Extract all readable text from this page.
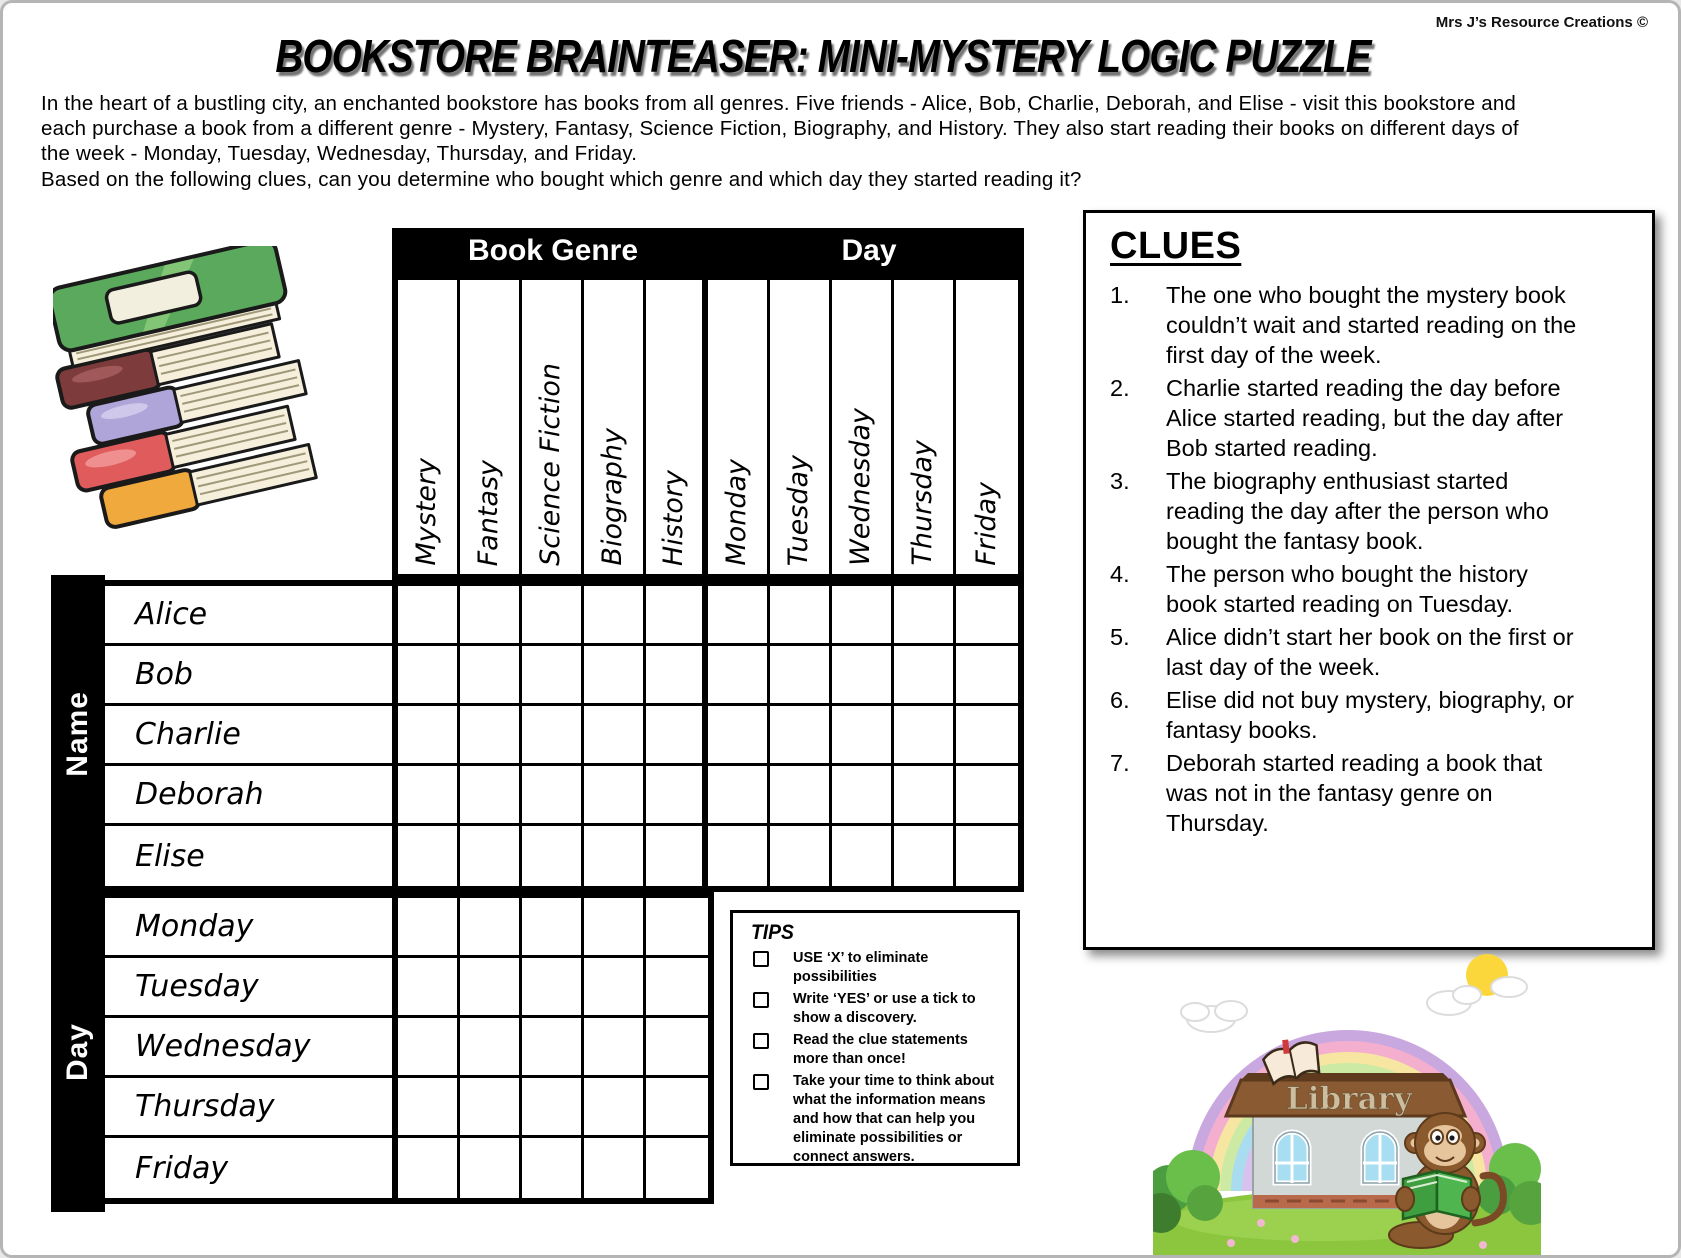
Mrs J’s Resource Creations ©
BOOKSTORE BRAINTEASER: MINI-MYSTERY LOGIC PUZZLE

In the heart of a bustling city, an enchanted bookstore has books from all genres. Five friends - Alice, Bob, Charlie, Deborah, and Elise - visit this bookstore and each purchase a book from a different genre - Mystery, Fantasy, Science Fiction, Biography, and History. They also start reading their books on different days of the week - Monday, Tuesday, Wednesday, Thursday, and Friday.

Based on the following clues, can you determine who bought which genre and which day they started reading it?

Book Genre	Day
Mystery Fantasy Science Fiction Biography History Monday Tuesday Wednesday Thursday Friday
Name
Day
Alice
Bob
Charlie
Deborah
Elise
Monday
Tuesday
Wednesday
Thursday
Friday
CLUES
1.	The one who bought the mystery book couldn’t wait and started reading on the first day of the week.
2.	Charlie started reading the day before Alice started reading, but the day after Bob started reading.
3.	The biography enthusiast started reading the day after the person who bought the fantasy book.
4.	The person who bought the history book started reading on Tuesday.
5.	Alice didn’t start her book on the first or last day of the week.
6.	Elise did not buy mystery, biography, or fantasy books.
7.	Deborah started reading a book that was not in the fantasy genre on Thursday.
TIPS
USE ‘X’ to eliminate possibilities
Write ‘YES’ or use a tick to show a discovery.
Read the clue statements more than once!
Take your time to think about what the information means and how that can help you eliminate possibilities or connect answers.
Library
